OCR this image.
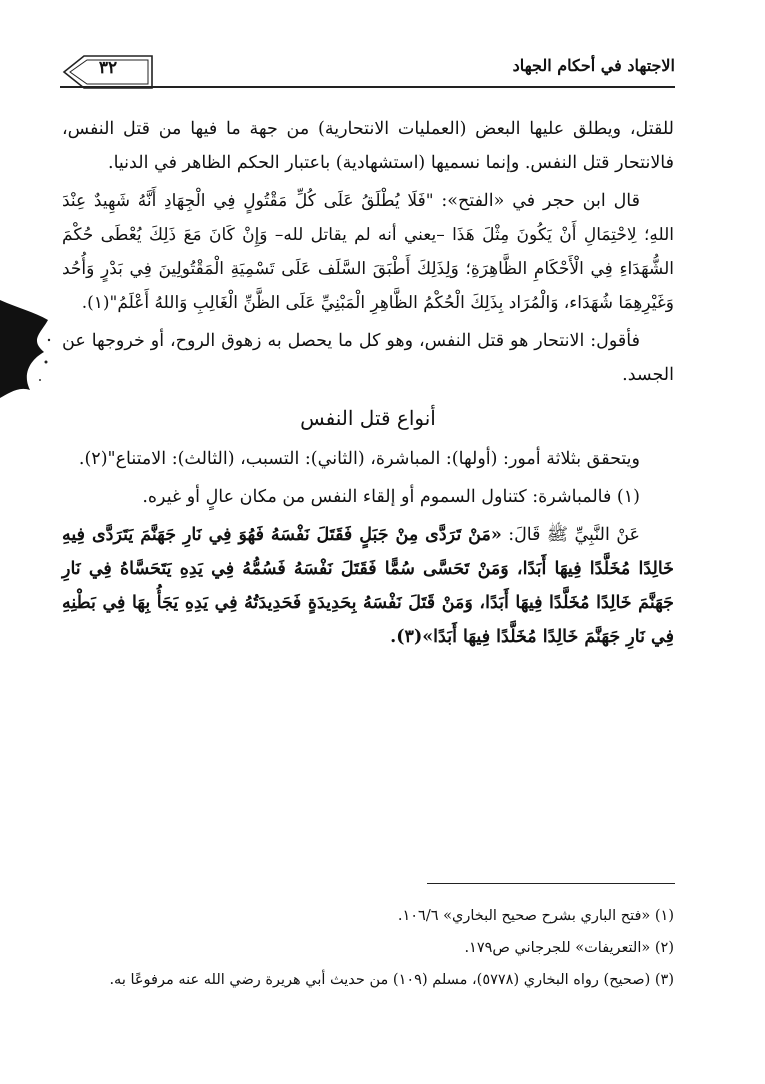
٣٢	الاجتهاد في أحكام الجهاد

للقتل، ويطلق عليها البعض (العمليات الانتحارية) من جهة ما فيها من قتل النفس، فالانتحار قتل النفس. وإنما نسميها (استشهادية) باعتبار الحكم الظاهر في الدنيا.

قال ابن حجر في «الفتح»: "فَلَا يُطْلَقُ عَلَى كُلِّ مَقْتُولٍ فِي الْجِهَادِ أَنَّهُ شَهِيدٌ عِنْدَ اللهِ؛ لِاحْتِمَالِ أَنْ يَكُونَ مِثْلَ هَذَا –يعني أنه لم يقاتل لله– وَإِنْ كَانَ مَعَ ذَلِكَ يُعْطَى حُكْمَ الشُّهَدَاءِ فِي الْأَحْكَامِ الظَّاهِرَةِ؛ وَلِذَلِكَ أَطْبَقَ السَّلَف عَلَى تَسْمِيَةِ الْمَقْتُولِينَ فِي بَدْرٍ وَأُحُد وَغَيْرِهِمَا شُهَدَاء، وَالْمُرَاد بِذَلِكَ الْحُكْمُ الظَّاهِرِ الْمَبْنِيِّ عَلَى الظَّنِّ الْغَالِبِ وَاللهُ أَعْلَمُ"(١).

فأقول: الانتحار هو قتل النفس، وهو كل ما يحصل به زهوق الروح، أو خروجها عن الجسد.

أنواع قتل النفس

ويتحقق بثلاثة أمور: (أولها): المباشرة، (الثاني): التسبب، (الثالث): الامتناع"(٢).

(١) فالمباشرة: كتناول السموم أو إلقاء النفس من مكان عالٍ أو غيره.

عَنْ النَّبِيِّ ﷺ قَالَ: «مَنْ تَرَدَّى مِنْ جَبَلٍ فَقَتَلَ نَفْسَهُ فَهُوَ فِي نَارِ جَهَنَّمَ يَتَرَدَّى فِيهِ خَالِدًا مُخَلَّدًا فِيهَا أَبَدًا، وَمَنْ تَحَسَّى سُمًّا فَقَتَلَ نَفْسَهُ فَسُمُّهُ فِي يَدِهِ يَتَحَسَّاهُ فِي نَارِ جَهَنَّمَ خَالِدًا مُخَلَّدًا فِيهَا أَبَدًا، وَمَنْ قَتَلَ نَفْسَهُ بِحَدِيدَةٍ فَحَدِيدَتُهُ فِي يَدِهِ يَجَأُ بِهَا فِي بَطْنِهِ فِي نَارِ جَهَنَّمَ خَالِدًا مُخَلَّدًا فِيهَا أَبَدًا»(٣).

(١) «فتح الباري بشرح صحيح البخاري» ١٠٦/٦.

(٢) «التعريفات» للجرجاني ص١٧٩.

(٣) (صحيح) رواه البخاري (٥٧٧٨)، مسلم (١٠٩) من حديث أبي هريرة رضي الله عنه مرفوعًا به.
